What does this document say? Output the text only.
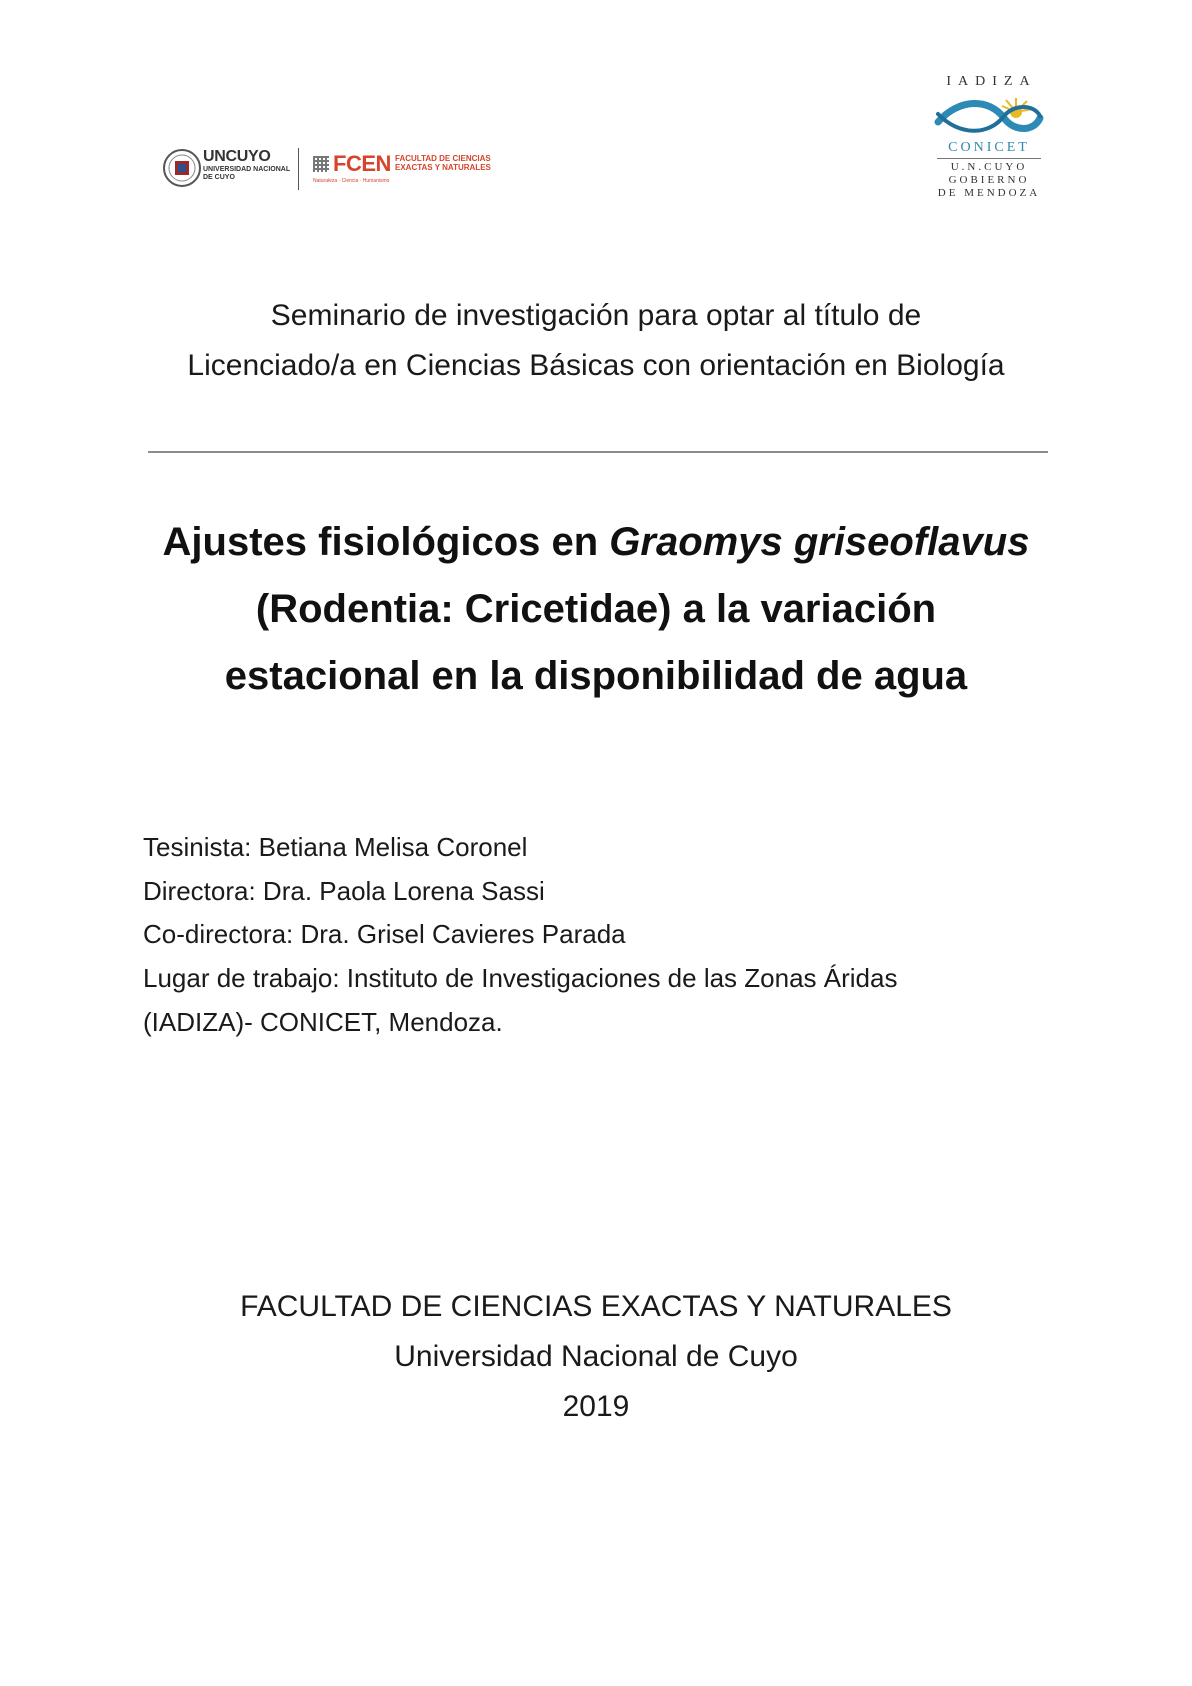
UNCUYO
UNIVERSIDAD NACIONAL DE CUYO
FCEN FACULTAD DE CIENCIAS EXACTAS Y NATURALES
Naturaleza · Ciencia · Humanismo
IADIZA
CONICET
U.N.CUYO
GOBIERNO
DE MENDOZA
Seminario de investigación para optar al título de
Licenciado/a en Ciencias Básicas con orientación en Biología
Ajustes fisiológicos en Graomys griseoflavus
(Rodentia: Cricetidae) a la variación
estacional en la disponibilidad de agua
Tesinista: Betiana Melisa Coronel
Directora: Dra. Paola Lorena Sassi
Co-directora: Dra. Grisel Cavieres Parada
Lugar de trabajo: Instituto de Investigaciones de las Zonas Áridas
(IADIZA)- CONICET, Mendoza.
FACULTAD DE CIENCIAS EXACTAS Y NATURALES
Universidad Nacional de Cuyo
2019
